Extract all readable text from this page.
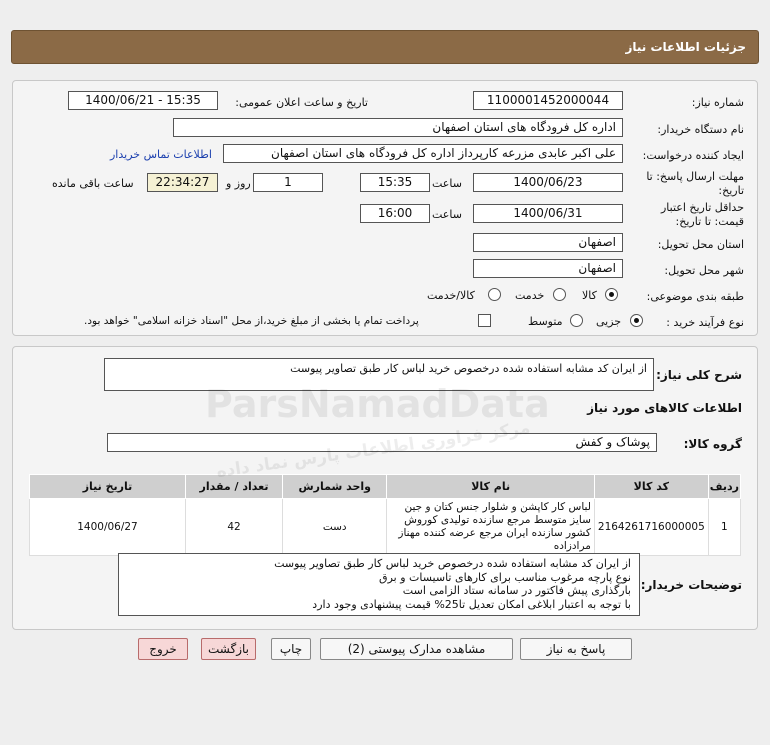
جزئیات اطلاعات نیاز
شماره نیاز:
1100001452000044
تاریخ و ساعت اعلان عمومی:
1400/06/21 - 15:35
نام دستگاه خریدار:
اداره کل فرودگاه های استان اصفهان
ایجاد کننده درخواست:
علی اکبر عابدی مزرعه کارپرداز اداره کل فرودگاه های استان اصفهان
اطلاعات تماس خریدار
مهلت ارسال پاسخ: تا
تاریخ:
1400/06/23
ساعت
15:35
1
روز و
22:34:27
ساعت باقی مانده
حداقل تاریخ اعتبار
قیمت: تا تاریخ:
1400/06/31
ساعت
16:00
استان محل تحویل:
اصفهان
شهر محل تحویل:
اصفهان
طبقه بندی موضوعی:
کالا
خدمت
کالا/خدمت
نوع فرآیند خرید :
جزیی
متوسط
پرداخت تمام یا بخشی از مبلغ خرید،از محل "اسناد خزانه اسلامی" خواهد بود.
شرح کلی نیاز:
از ایران کد مشابه استفاده شده درخصوص خرید لباس کار طبق تصاویر پیوست
اطلاعات کالاهای مورد نیاز
گروه کالا:
پوشاک و کفش
ردیف	کد کالا	نام کالا	واحد شمارش	تعداد / مقدار	تاریخ نیاز
1	2164261716000005	لباس کار کاپشن و شلوار جنس کتان و جین سایز متوسط مرجع سازنده تولیدی کوروش کشور سازنده ایران مرجع عرضه کننده مهناز مرادزاده	دست	42	1400/06/27
توضیحات خریدار:
از ایران کد مشابه استفاده شده درخصوص خرید لباس کار طبق تصاویر پیوست
نوع پارچه مرغوب مناسب برای کارهای تاسیسات و برق
بارگذاری پیش فاکتور در سامانه ستاد الزامی است
با توجه به اعتبار ابلاغی امکان تعدیل تا25% قیمت پیشنهادی وجود دارد
پاسخ به نیاز
مشاهده مدارک پیوستی (2)
چاپ
بازگشت
خروج
